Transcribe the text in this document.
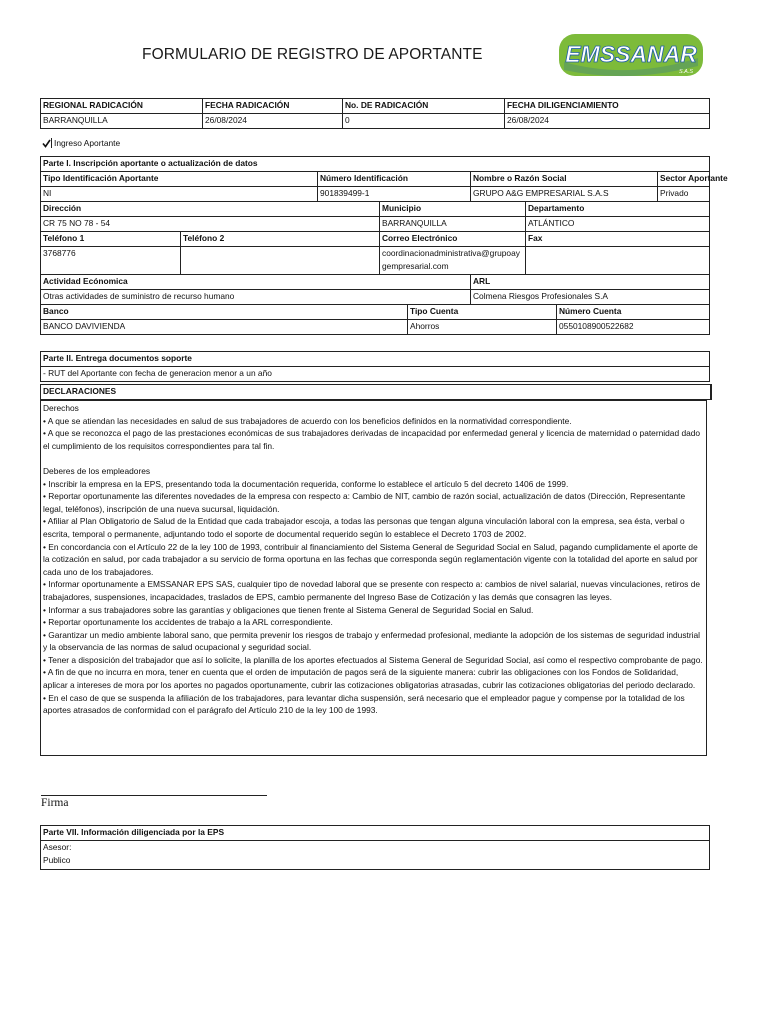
FORMULARIO DE REGISTRO DE APORTANTE	EMSSANAR
S.A.S
REGIONAL RADICACIÓN	FECHA RADICACIÓN	No. DE RADICACIÓN	FECHA DILIGENCIAMIENTO
BARRANQUILLA	26/08/2024	0	26/08/2024
Ingreso Aportante
Parte I. Inscripción aportante o actualización de datos								
Tipo Identificación Aportante		Número Identificación			Nombre o Razón Social			Sector Aportante
NI		901839499-1			GRUPO A&G EMPRESARIAL S.A.S			Privado
Dirección			Municipio			Departamento		
CR 75 NO 78 - 54			BARRANQUILLA			ATLÁNTICO		
Teléfono 1	Teléfono 2		Correo Electrónico			Fax		
3768776			coordinacionadministrativa@grupoay
gempresarial.com					
Actividad Ecónomica					ARL			
Otras actividades de suministro de recurso humano					Colmena Riesgos Profesionales S.A			
Banco				Tipo Cuenta			Número Cuenta	
BANCO DAVIVIENDA				Ahorros			0550108900522682	
Parte II. Entrega documentos soporte
- RUT del Aportante con fecha de generacion menor a un año
DECLARACIONES

Derechos

• A que se atiendan las necesidades en salud de sus trabajadores de acuerdo con los beneficios definidos en la normatividad correspondiente.

• A que se reconozca el pago de las prestaciones económicas de sus trabajadores derivadas de incapacidad por enfermedad general y licencia de maternidad o paternidad dado el cumplimiento de los requisitos correspondientes para tal fin.

Deberes de los empleadores

• Inscribir la empresa en la EPS, presentando toda la documentación requerida, conforme lo establece el artículo 5 del decreto 1406 de 1999.

• Reportar oportunamente las diferentes novedades de la empresa con respecto a: Cambio de NIT, cambio de razón social, actualización de datos (Dirección, Representante legal, teléfonos), inscripción de una nueva sucursal, liquidación.

• Afiliar al Plan Obligatorio de Salud de la Entidad que cada trabajador escoja, a todas las personas que tengan alguna vinculación laboral con la empresa, sea ésta, verbal o escrita, temporal o permanente, adjuntando todo el soporte de documental requerido según lo establece el Decreto 1703 de 2002.

• En concordancia con el Artículo 22 de la ley 100 de 1993, contribuir al financiamiento del Sistema General de Seguridad Social en Salud, pagando cumplidamente el aporte de la cotización en salud, por cada trabajador a su servicio de forma oportuna en las fechas que corresponda según reglamentación vigente con la totalidad del aporte en salud por cada uno de los trabajadores.

• Informar oportunamente a EMSSANAR EPS SAS, cualquier tipo de novedad laboral que se presente con respecto a: cambios de nivel salarial, nuevas vinculaciones, retiros de trabajadores, suspensiones, incapacidades, traslados de EPS, cambio permanente del Ingreso Base de Cotización y las demás que consagren las leyes.

• Informar a sus trabajadores sobre las garantías y obligaciones que tienen frente al Sistema General de Seguridad Social en Salud.

• Reportar oportunamente los accidentes de trabajo a la ARL correspondiente.

• Garantizar un medio ambiente laboral sano, que permita prevenir los riesgos de trabajo y enfermedad profesional, mediante la adopción de los sistemas de seguridad industrial y la observancia de las normas de salud ocupacional y seguridad social.

• Tener a disposición del trabajador que así lo solicite, la planilla de los aportes efectuados al Sistema General de Seguridad Social, así como el respectivo comprobante de pago.

• A fin de que no incurra en mora, tener en cuenta que el orden de imputación de pagos será de la siguiente manera: cubrir las obligaciones con los Fondos de Solidaridad, aplicar a intereses de mora por los aportes no pagados oportunamente, cubrir las cotizaciones obligatorias atrasadas, cubrir las cotizaciones obligatorias del periodo declarado.

• En el caso de que se suspenda la afiliación de los trabajadores, para levantar dicha suspensión, será necesario que el empleador pague y compense por la totalidad de los aportes atrasados de conformidad con el parágrafo del Artículo 210 de la ley 100 de 1993.

Firma
Parte VII. Información diligenciada por la EPS
Asesor:
Publico
